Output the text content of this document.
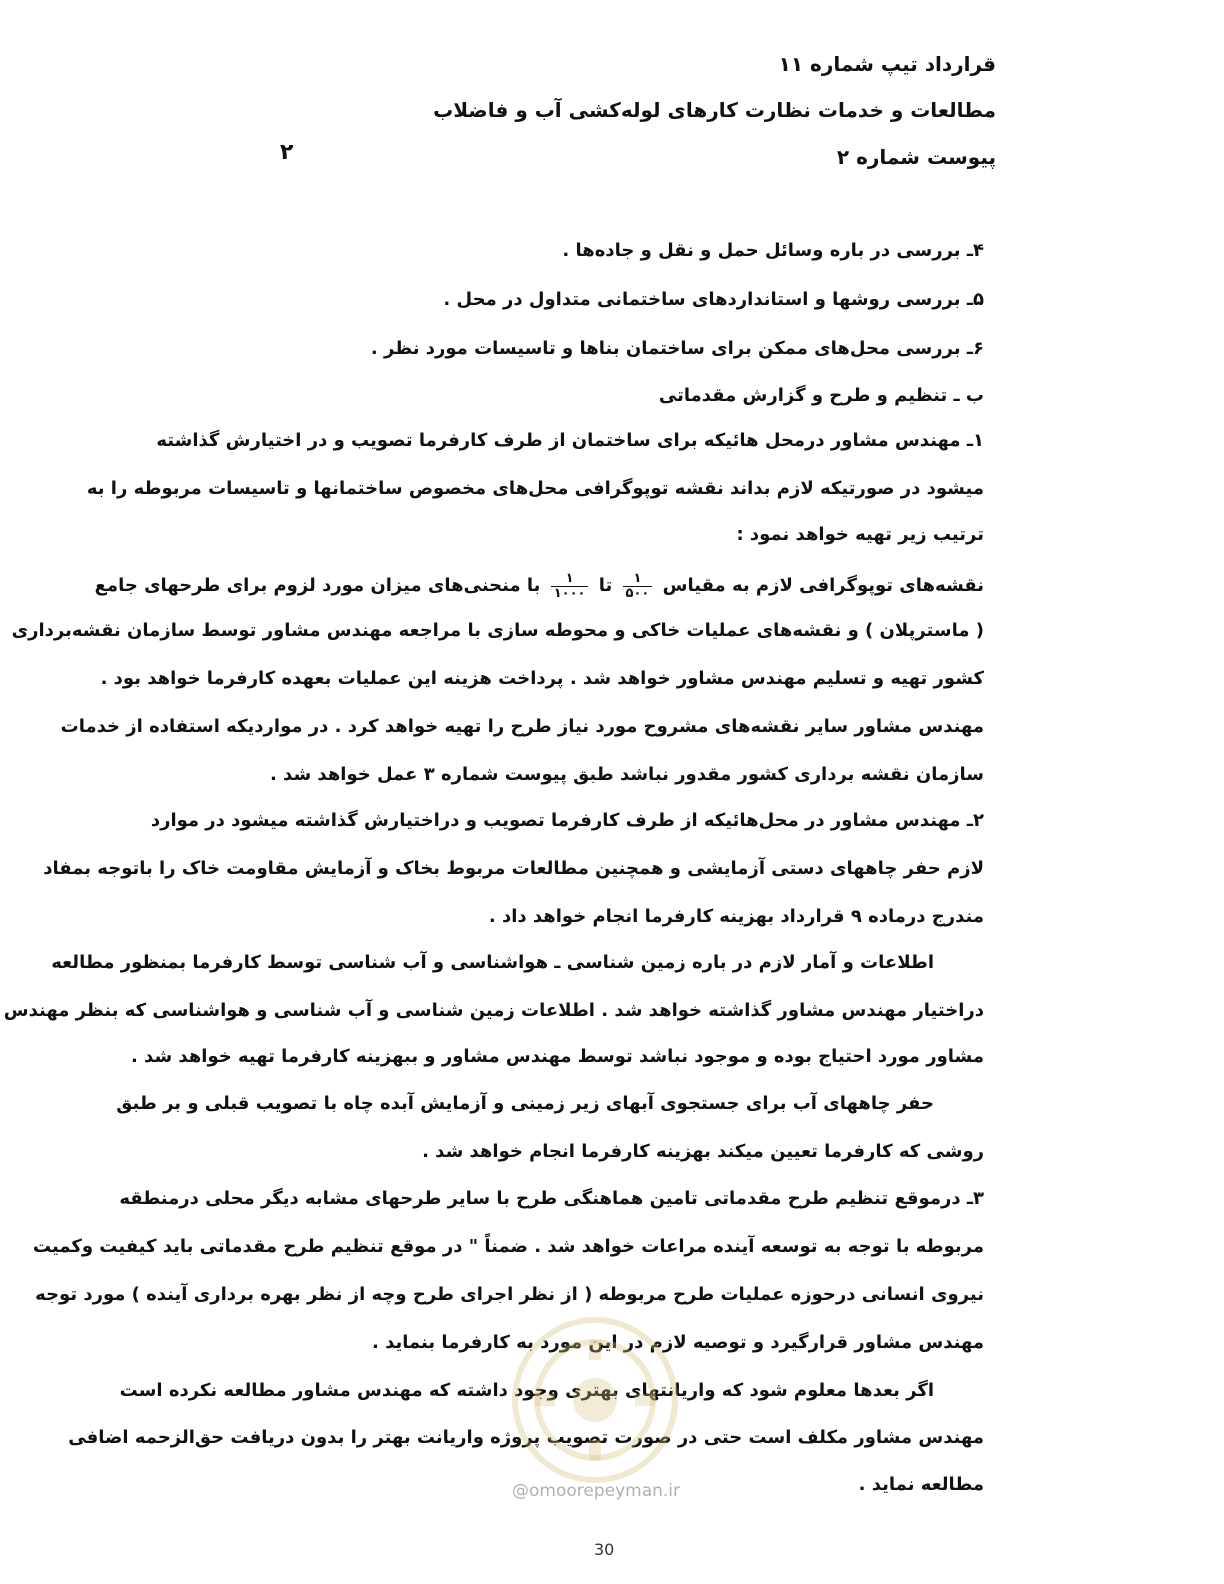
قرارداد تیپ شماره ۱۱
مطالعات و خدمات نظارت کارهای لوله‌کشی آب و فاضلاب
پیوست شماره ۲
۲
۴ـ بررسی در باره وسائل حمل و نقل و جاده‌ها .
۵ـ بررسی روشها و استانداردهای ساختمانی متداول در محل .
۶ـ بررسی محل‌های ممکن برای ساختمان بناها و تاسیسات مورد نظر .
ب ـ تنظیم و طرح و گزارش مقدماتی
۱ـ مهندس مشاور درمحل هائیکه برای ساختمان از طرف کارفرما تصویب و در اختیارش گذاشته
میشود در صورتیکه لازم بداند نقشه توپوگرافی محل‌های مخصوص ساختمانها و تاسیسات مربوطه را به
ترتیب زیر تهیه خواهد نمود :
نقشه‌های توپوگرافی لازم به مقیاس
$\frac{۱}{۵۰۰}$
تا
$\frac{۱}{۱۰۰۰}$
با منحنی‌های میزان مورد لزوم برای طرحهای جامع
( ماسترپلان ) و نقشه‌های عملیات خاکی و محوطه سازی با مراجعه مهندس مشاور توسط سازمان نقشه‌برداری
کشور تهیه و تسلیم مهندس مشاور خواهد شد . پرداخت هزینه این عملیات بعهده کارفرما خواهد بود .
مهندس مشاور سایر نقشه‌های مشروح مورد نیاز طرح را تهیه خواهد کرد . در مواردیکه استفاده از خدمات
سازمان نقشه برداری کشور مقدور نباشد طبق پیوست شماره ۳ عمل خواهد شد .
۲ـ مهندس مشاور در محل‌هائیکه از طرف کارفرما تصویب و دراختیارش گذاشته میشود در موارد
لازم حفر چاههای دستی آزمایشی و همچنین مطالعات مربوط بخاک و آزمایش مقاومت خاک را باتوجه بمفاد
مندرج درماده ۹ قرارداد بهزینه کارفرما انجام خواهد داد .
اطلاعات و آمار لازم در باره زمین شناسی ـ هواشناسی و آب شناسی توسط کارفرما بمنظور مطالعه
دراختیار مهندس مشاور گذاشته خواهد شد . اطلاعات زمین شناسی و آب شناسی و هواشناسی که بنظر مهندس
مشاور مورد احتیاج بوده و موجود نباشد توسط مهندس مشاور و ببهزینه کارفرما تهیه خواهد شد .
حفر چاههای آب برای جستجوی آبهای زیر زمینی و آزمایش آبده چاه با تصویب قبلی و بر طبق
روشی که کارفرما تعیین میکند بهزینه کارفرما انجام خواهد شد .
۳ـ درموقع تنظیم طرح مقدماتی تامین هماهنگی طرح با سایر طرحهای مشابه دیگر محلی درمنطقه
مربوطه با توجه به توسعه آینده مراعات خواهد شد . ضمناً " در موقع تنظیم طرح مقدماتی باید کیفیت وکمیت
نیروی انسانی درحوزه عملیات طرح مربوطه ( از نظر اجرای طرح وچه از نظر بهره برداری آینده ) مورد توجه
مهندس مشاور قرارگیرد و توصیه لازم در این مورد به کارفرما بنماید .
اگر بعدها معلوم شود که واریانتهای بهتری وجود داشته که مهندس مشاور مطالعه نکرده است
مهندس مشاور مکلف است حتی در صورت تصویب پروژه واریانت بهتر را بدون دریافت حق‌الزحمه اضافی
مطالعه نماید .
@omoorepeyman.ir
30
